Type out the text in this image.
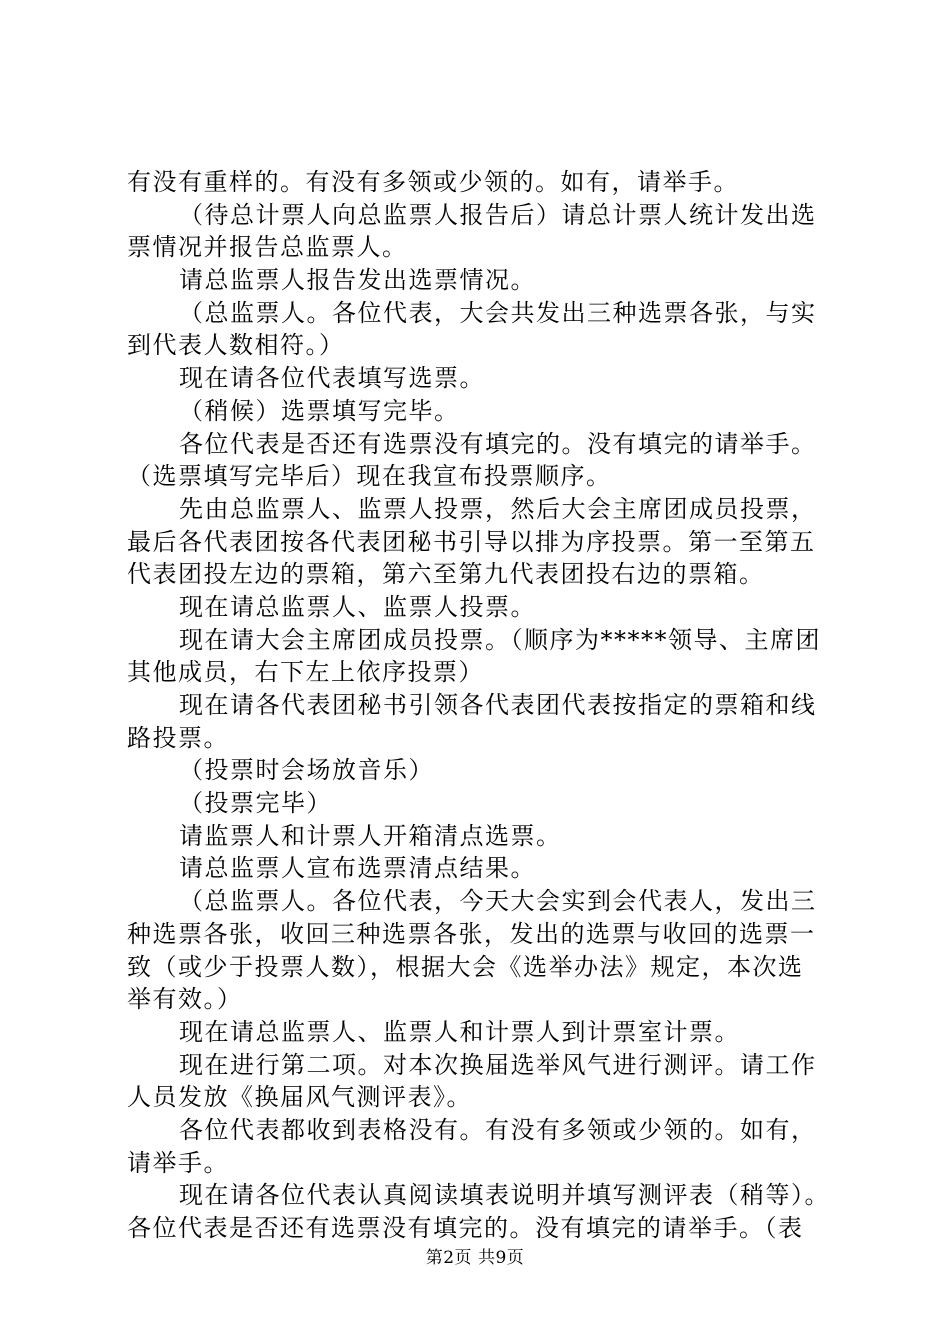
有没有重样的。有没有多领或少领的。如有，请举手。
（待总计票人向总监票人报告后）请总计票人统计发出选
票情况并报告总监票人。
请总监票人报告发出选票情况。
（总监票人。各位代表，大会共发出三种选票各张，与实
到代表人数相符。）
现在请各位代表填写选票。
（稍候）选票填写完毕。
各位代表是否还有选票没有填完的。没有填完的请举手。
（选票填写完毕后）现在我宣布投票顺序。
先由总监票人、监票人投票，然后大会主席团成员投票，
最后各代表团按各代表团秘书引导以排为序投票。第一至第五
代表团投左边的票箱，第六至第九代表团投右边的票箱。
现在请总监票人、监票人投票。
现在请大会主席团成员投票。（顺序为*****领导、主席团
其他成员，右下左上依序投票）
现在请各代表团秘书引领各代表团代表按指定的票箱和线
路投票。
（投票时会场放音乐）
（投票完毕）
请监票人和计票人开箱清点选票。
请总监票人宣布选票清点结果。
（总监票人。各位代表，今天大会实到会代表人，发出三
种选票各张，收回三种选票各张，发出的选票与收回的选票一
致（或少于投票人数），根据大会《选举办法》规定，本次选
举有效。）
现在请总监票人、监票人和计票人到计票室计票。
现在进行第二项。对本次换届选举风气进行测评。请工作
人员发放《换届风气测评表》。
各位代表都收到表格没有。有没有多领或少领的。如有，
请举手。
现在请各位代表认真阅读填表说明并填写测评表（稍等）。
各位代表是否还有选票没有填完的。没有填完的请举手。（表
第2页 共9页
